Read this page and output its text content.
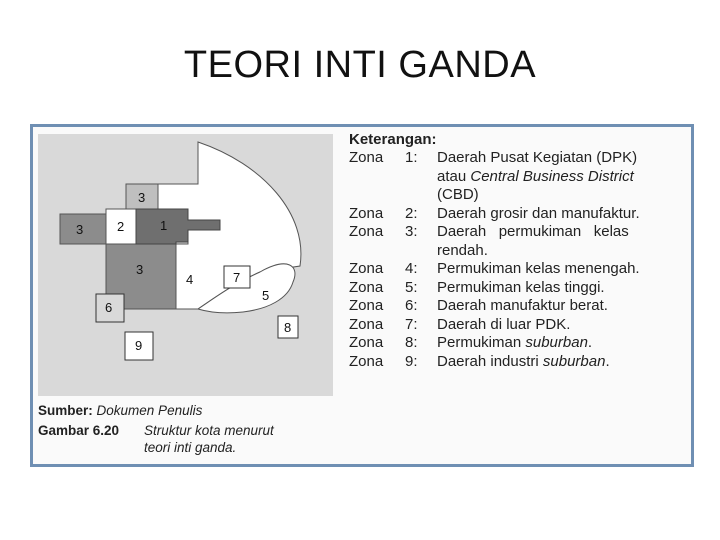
TEORI INTI GANDA
3
2	1
3
3
4	7
5
6
8
9
Sumber: Dokumen Penulis
Gambar 6.20	Struktur kota menurut
teori inti ganda.
Keterangan:
Zona	1:	Daerah Pusat Kegiatan (DPK)
atau Central Business District
(CBD)
Zona	2:	Daerah grosir dan manufaktur.
Zona	3:	Daerah   permukiman   kelas
rendah.
Zona	4:	Permukiman kelas menengah.
Zona	5:	Permukiman kelas tinggi.
Zona	6:	Daerah manufaktur berat.
Zona	7:	Daerah di luar PDK.
Zona	8:	Permukiman suburban.
Zona	9:	Daerah industri suburban.
